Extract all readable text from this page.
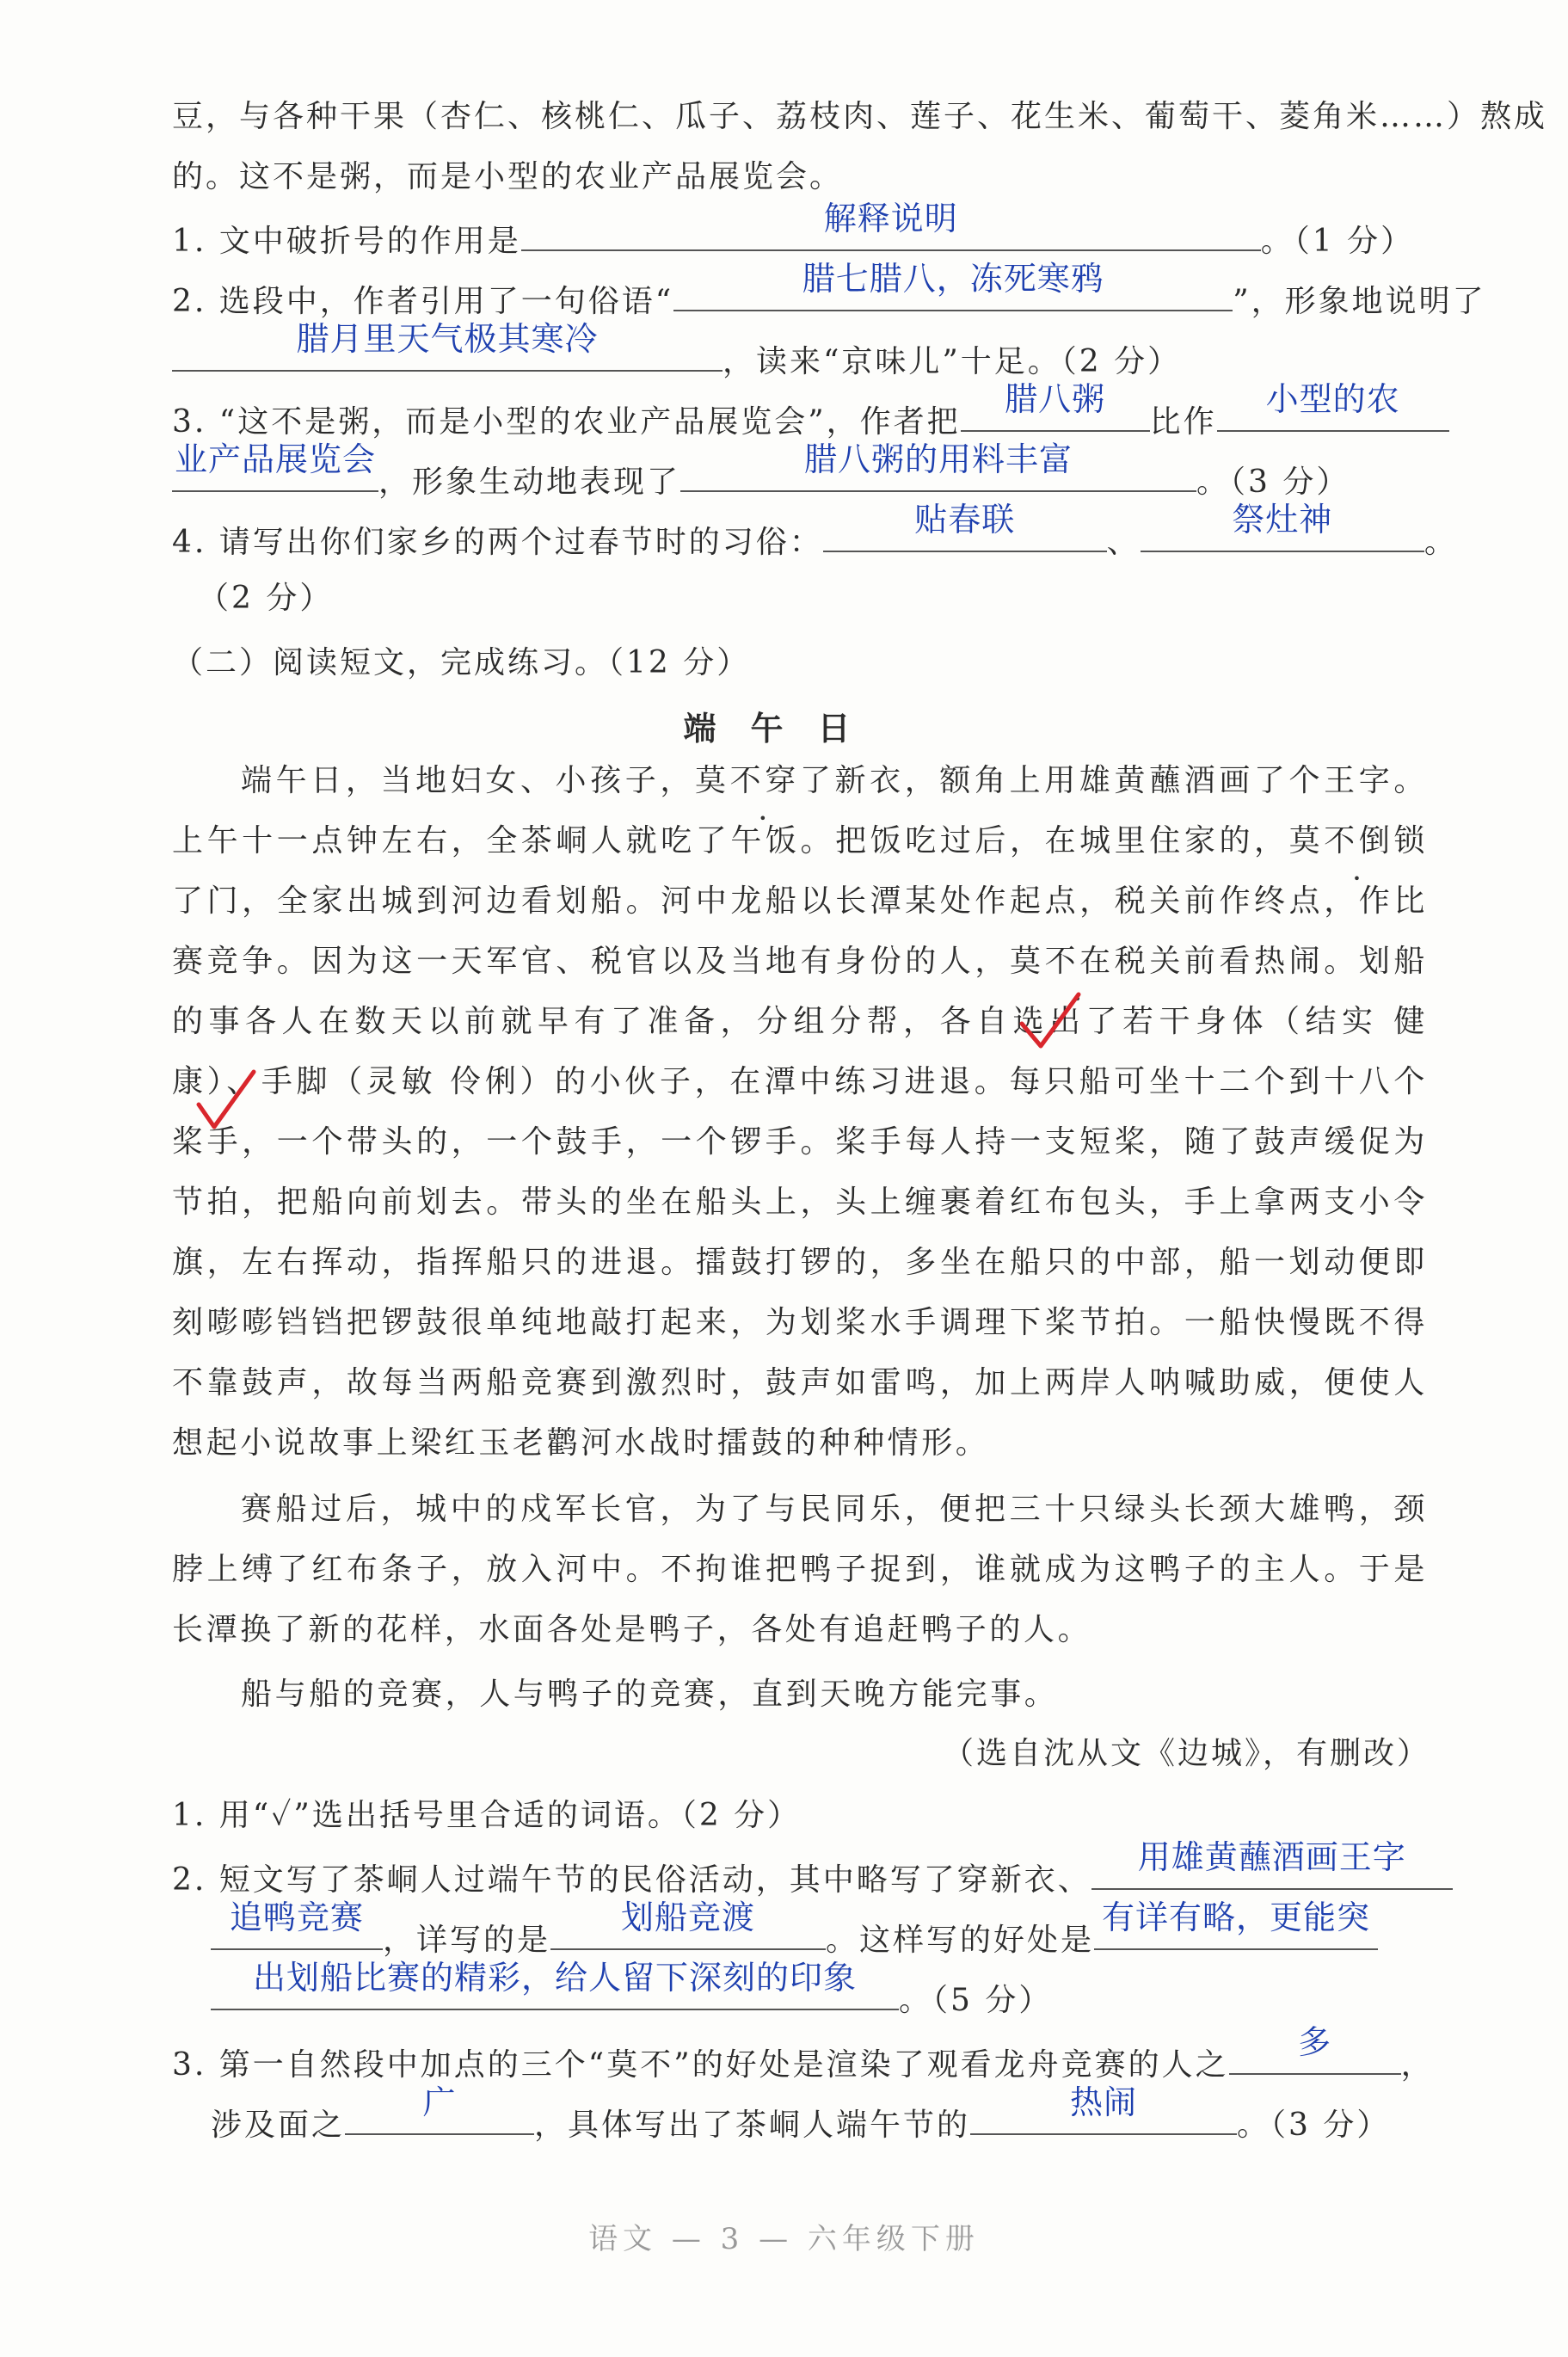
豆，与各种干果（杏仁、核桃仁、瓜子、荔枝肉、莲子、花生米、葡萄干、菱角米……）熬成
的。这不是粥，而是小型的农业产品展览会。
1. 文中破折号的作用是
解释说明
。（1 分）
2. 选段中，作者引用了一句俗语“
腊七腊八，冻死寒鸦
”，形象地说明了
腊月里天气极其寒冷
，读来“京味儿”十足。（2 分）
3. “这不是粥，而是小型的农业产品展览会”，作者把
腊八粥
比作
小型的农
业产品展览会
，形象生动地表现了
腊八粥的用料丰富
。（3 分）
4. 请写出你们家乡的两个过春节时的习俗：
贴春联
、
祭灶神
。
（2 分）
（二）阅读短文，完成练习。（12 分）
端午日
端午日，当地妇女、小孩子，莫不穿了新衣，额角上用雄黄蘸酒画了个王字。上午十一点钟左右，全茶峒人就吃了午饭。把饭吃过后，在城里住家的，莫不倒锁了门，全家出城到河边看划船。河中龙船以长潭某处作起点，税关前作终点，作比赛竞争。因为这一天军官、税官以及当地有身份的人，莫不在税关前看热闹。划船的事各人在数天以前就早有了准备，分组分帮，各自选出了若干身体（结实 健康）、手脚（灵敏 伶俐）的小伙子，在潭中练习进退。每只船可坐十二个到十八个桨手，一个带头的，一个鼓手，一个锣手。桨手每人持一支短桨，随了鼓声缓促为节拍，把船向前划去。带头的坐在船头上，头上缠裹着红布包头，手上拿两支小令旗，左右挥动，指挥船只的进退。擂鼓打锣的，多坐在船只的中部，船一划动便即刻嘭嘭铛铛把锣鼓很单纯地敲打起来，为划桨水手调理下桨节拍。一船快慢既不得不靠鼓声，故每当两船竞赛到激烈时，鼓声如雷鸣，加上两岸人呐喊助威，便使人想起小说故事上梁红玉老鹳河水战时擂鼓的种种情形。
赛船过后，城中的戍军长官，为了与民同乐，便把三十只绿头长颈大雄鸭，颈脖上缚了红布条子，放入河中。不拘谁把鸭子捉到，谁就成为这鸭子的主人。于是长潭换了新的花样，水面各处是鸭子，各处有追赶鸭子的人。
船与船的竞赛，人与鸭子的竞赛，直到天晚方能完事。
（选自沈从文《边城》，有删改）
1. 用“✓”选出括号里合适的词语。（2 分）
2. 短文写了茶峒人过端午节的民俗活动，其中略写了穿新衣、
用雄黄蘸酒画王字
追鸭竞赛
，详写的是
划船竞渡
。这样写的好处是
有详有略，更能突
出划船比赛的精彩，给人留下深刻的印象
。（5 分）
3. 第一自然段中加点的三个“莫不”的好处是渲染了观看龙舟竞赛的人之
多
，
涉及面之
广
，具体写出了茶峒人端午节的
热闹
。（3 分）
语文 — 3 — 六年级下册
